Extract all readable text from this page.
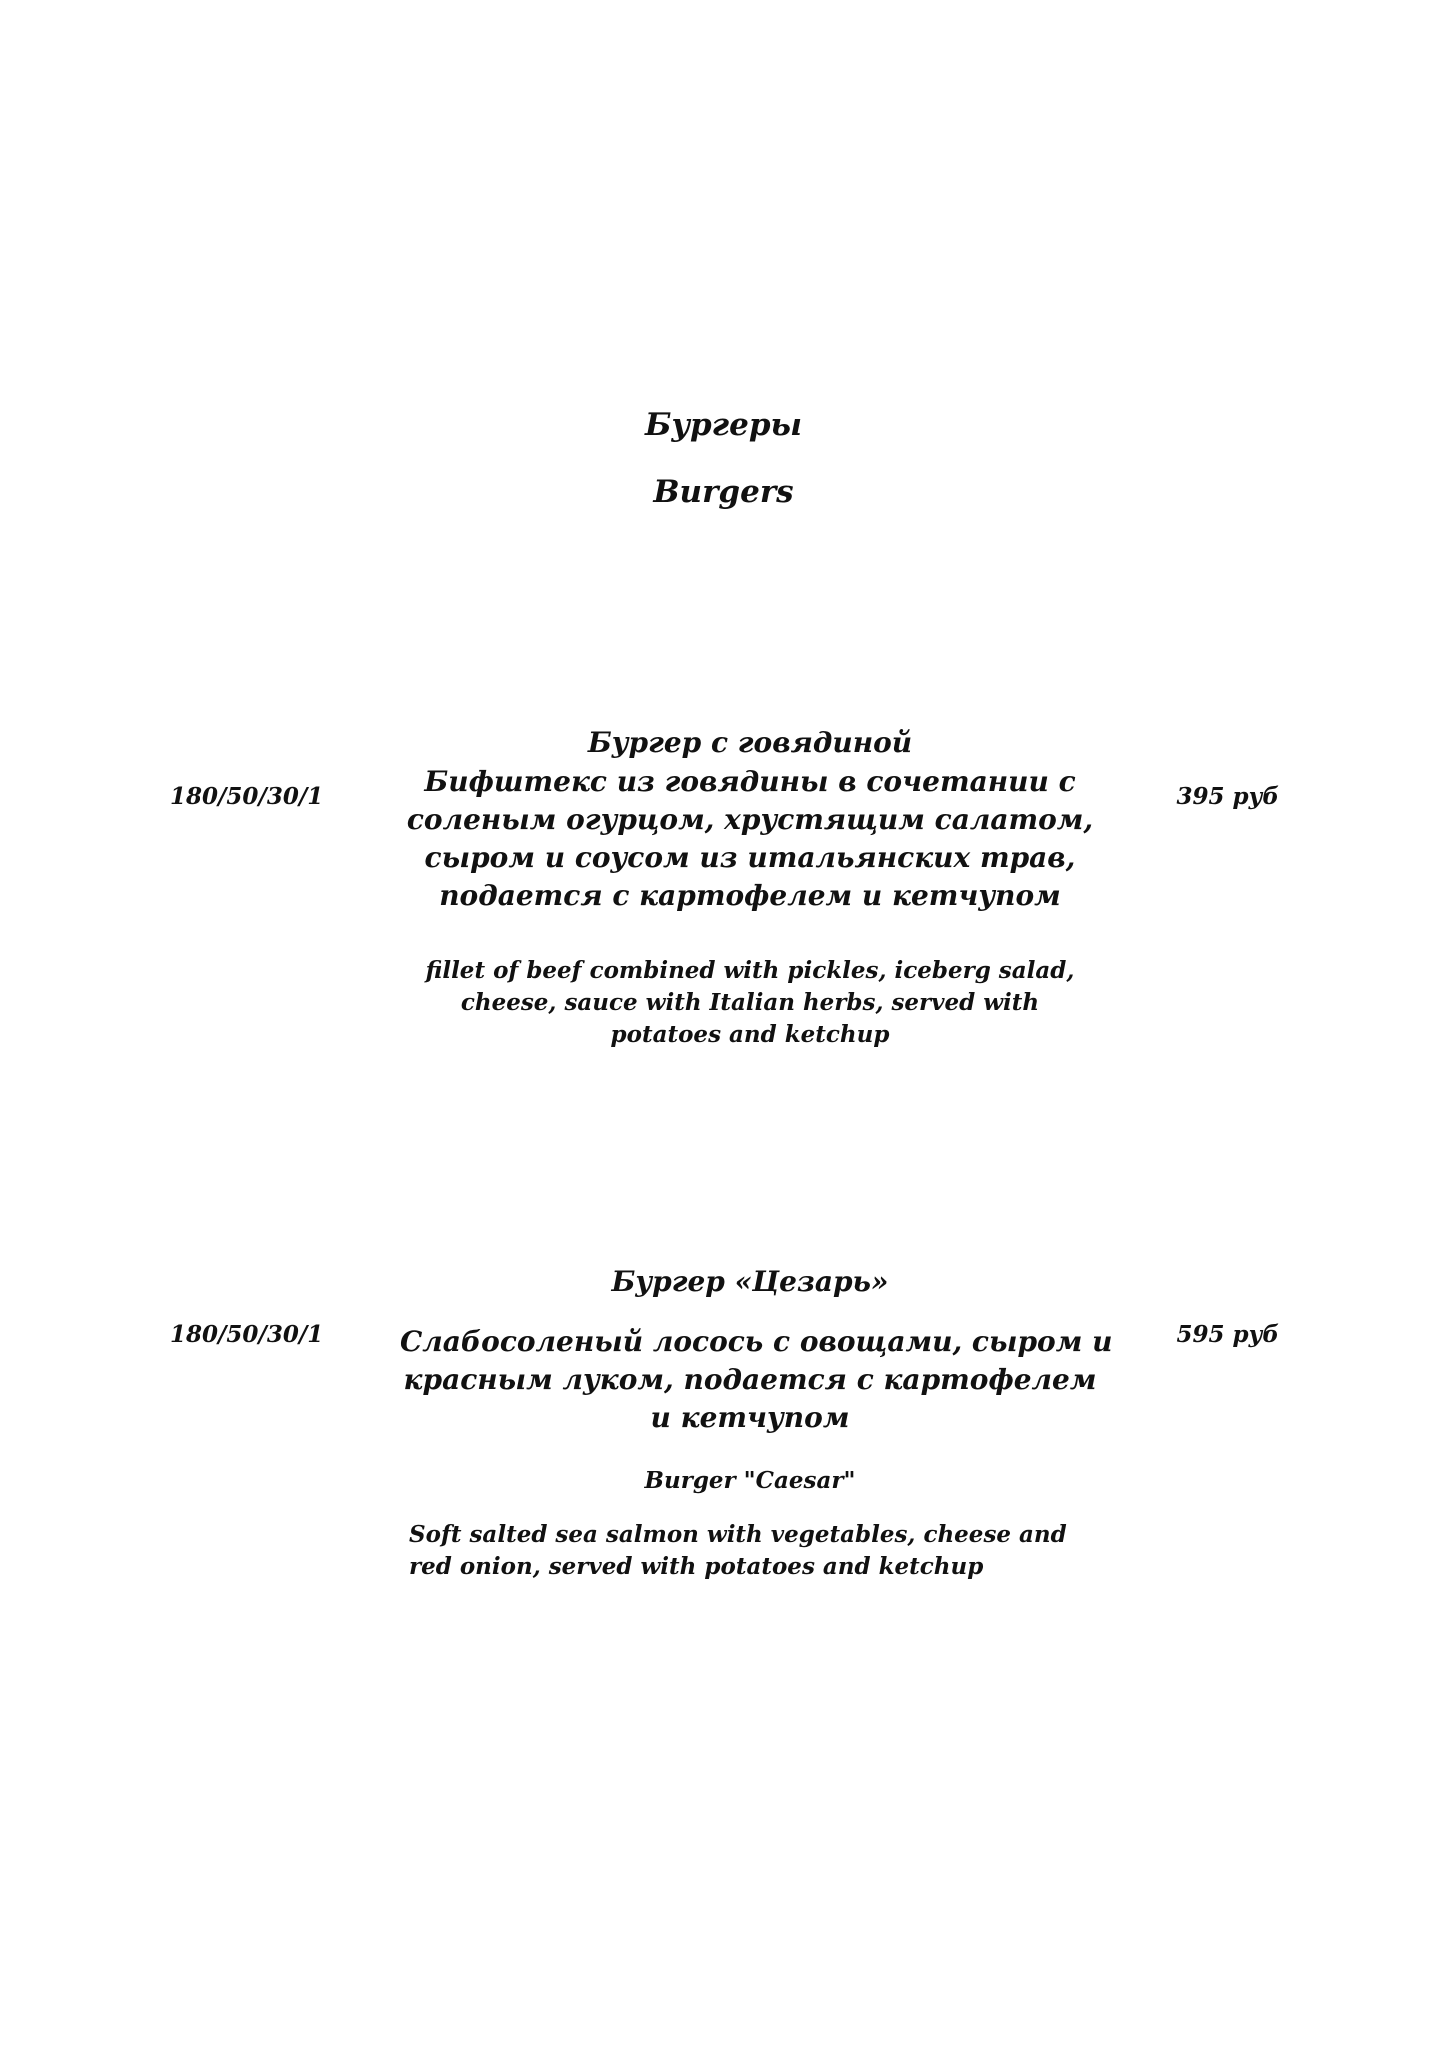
Бургеры
Burgers
Бургер с говядиной
180/50/30/1	395 руб
Бифштекс из говядины в сочетании с
соленым огурцом, хрустящим салатом,
сыром и соусом из итальянских трав,
подается с картофелем и кетчупом
fillet of beef combined with pickles, iceberg salad,
cheese, sauce with Italian herbs, served with
potatoes and ketchup
Бургер «Цезарь»
180/50/30/1	595 руб
Слабосоленый лосось с овощами, сыром и
красным луком, подается с картофелем
и кетчупом
Burger "Caesar"
Soft salted sea salmon with vegetables, cheese and
red onion, served with potatoes and ketchup
